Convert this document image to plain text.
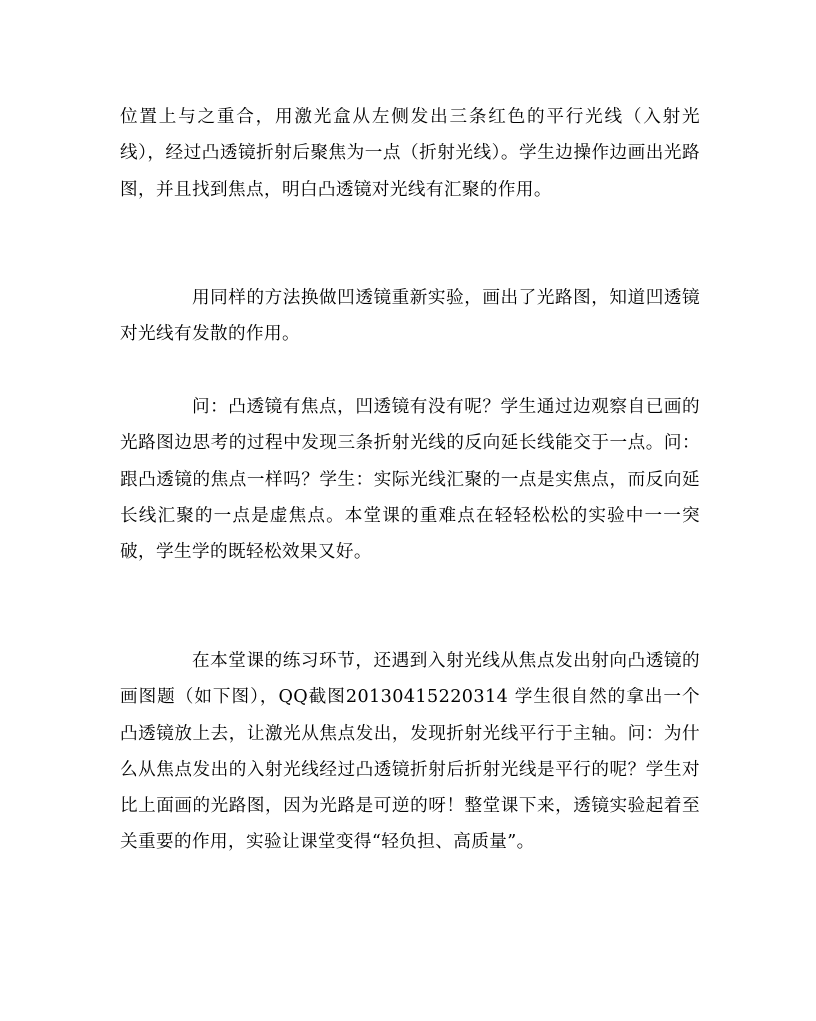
位置上与之重合，用激光盒从左侧发出三条红色的平行光线（入射光线），经过凸透镜折射后聚焦为一点（折射光线）。学生边操作边画出光路图，并且找到焦点，明白凸透镜对光线有汇聚的作用。

用同样的方法换做凹透镜重新实验，画出了光路图，知道凹透镜对光线有发散的作用。

问：凸透镜有焦点，凹透镜有没有呢？学生通过边观察自已画的光路图边思考的过程中发现三条折射光线的反向延长线能交于一点。问：跟凸透镜的焦点一样吗？学生：实际光线汇聚的一点是实焦点，而反向延长线汇聚的一点是虚焦点。本堂课的重难点在轻轻松松的实验中一一突破，学生学的既轻松效果又好。

在本堂课的练习环节，还遇到入射光线从焦点发出射向凸透镜的画图题（如下图），QQ截图20130415220314 学生很自然的拿出一个凸透镜放上去，让激光从焦点发出，发现折射光线平行于主轴。问：为什么从焦点发出的入射光线经过凸透镜折射后折射光线是平行的呢？学生对比上面画的光路图，因为光路是可逆的呀！整堂课下来，透镜实验起着至关重要的作用，实验让课堂变得“轻负担、高质量”。
